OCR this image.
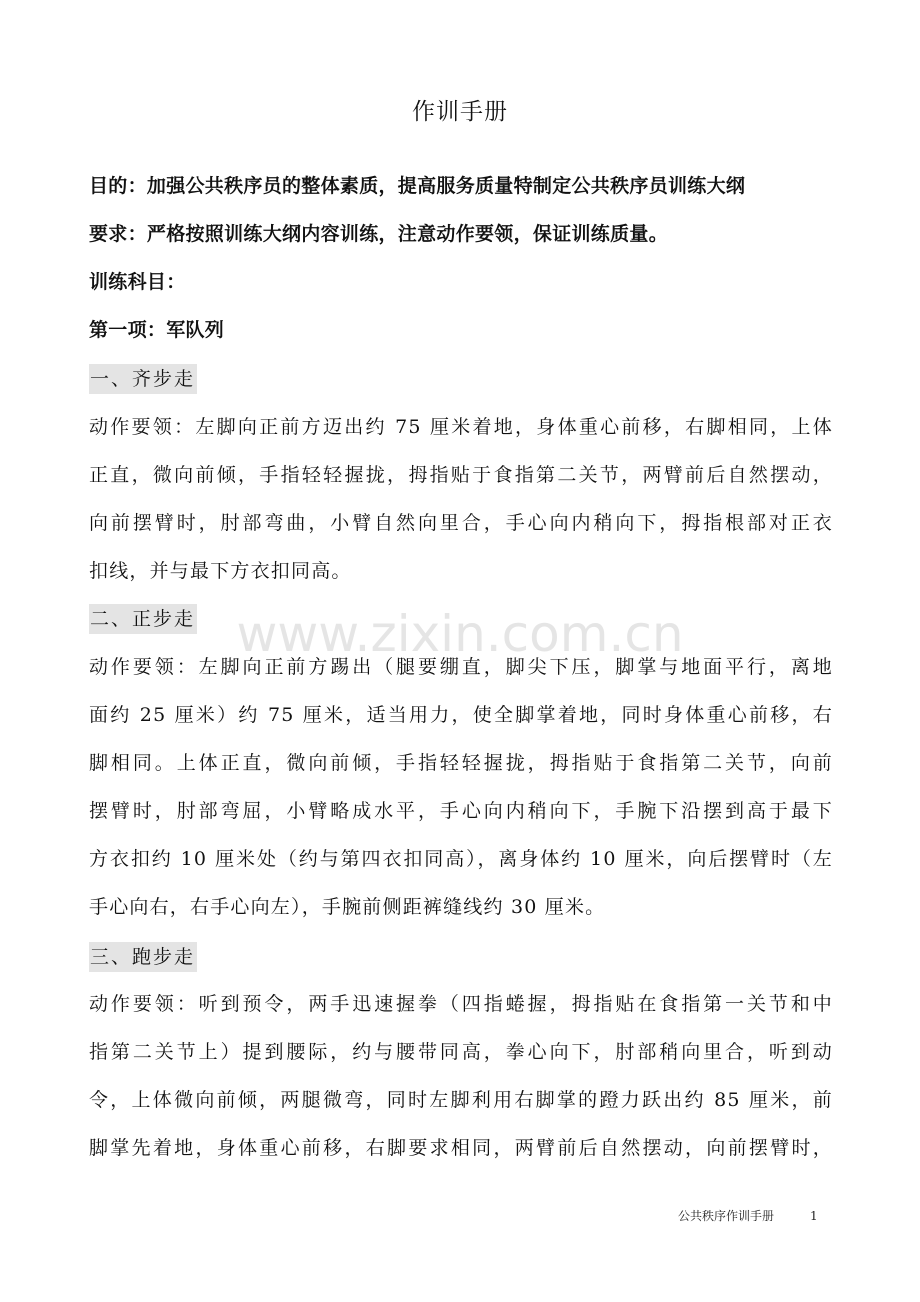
作训手册

目的：加强公共秩序员的整体素质，提高服务质量特制定公共秩序员训练大纲

要求：严格按照训练大纲内容训练，注意动作要领，保证训练质量。

训练科目：

第一项：军队列

一、齐步走
动作要领：左脚向正前方迈出约 75 厘米着地，身体重心前移，右脚相同，上体
正直，微向前倾，手指轻轻握拢，拇指贴于食指第二关节，两臂前后自然摆动，
向前摆臂时，肘部弯曲，小臂自然向里合，手心向内稍向下，拇指根部对正衣
扣线，并与最下方衣扣同高。
www.zixin.com.cn
二、正步走
动作要领：左脚向正前方踢出（腿要绷直，脚尖下压，脚掌与地面平行，离地
面约 25 厘米）约 75 厘米，适当用力，使全脚掌着地，同时身体重心前移，右
脚相同。上体正直，微向前倾，手指轻轻握拢，拇指贴于食指第二关节，向前
摆臂时，肘部弯屈，小臂略成水平，手心向内稍向下，手腕下沿摆到高于最下
方衣扣约 10 厘米处（约与第四衣扣同高），离身体约 10 厘米，向后摆臂时（左
手心向右，右手心向左），手腕前侧距裤缝线约 30 厘米。
三、跑步走
动作要领：听到预令，两手迅速握拳（四指蜷握，拇指贴在食指第一关节和中
指第二关节上）提到腰际，约与腰带同高，拳心向下，肘部稍向里合，听到动
令，上体微向前倾，两腿微弯，同时左脚利用右脚掌的蹬力跃出约 85 厘米，前
脚掌先着地，身体重心前移，右脚要求相同，两臂前后自然摆动，向前摆臂时，
公共秩序作训手册	1
